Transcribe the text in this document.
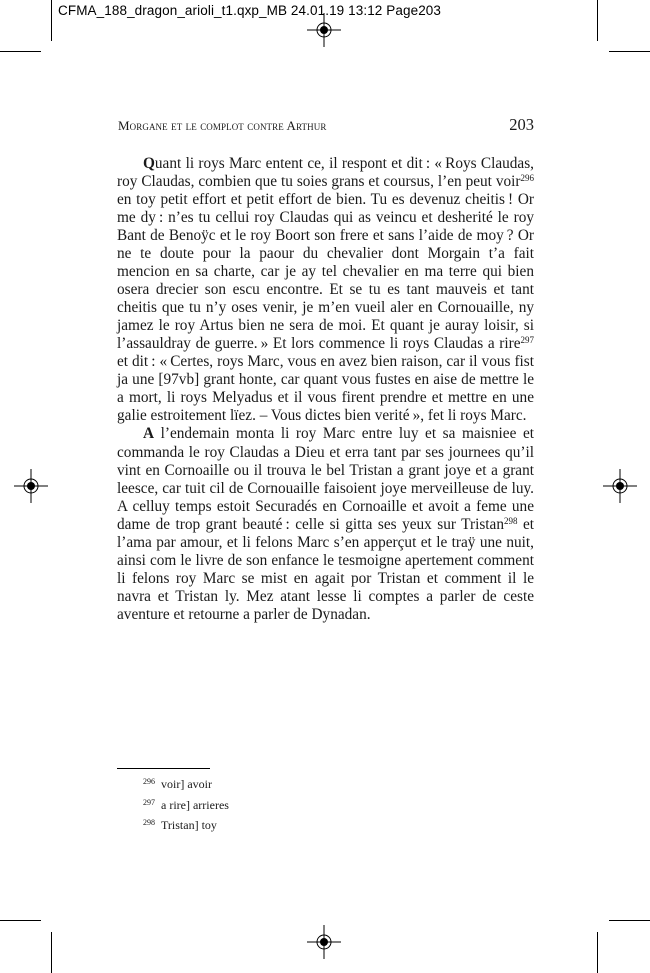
CFMA_188_dragon_arioli_t1.qxp_MB 24.01.19 13:12 Page203
Morgane et le complot contre Arthur	203

Quant li roys Marc entent ce, il respont et dit : « Roys Claudas, roy Claudas, combien que tu soies grans et coursus, l’en peut voir$^{296}$ en toy petit effort et petit effort de bien. Tu es devenuz cheitis ! Or me dy : n’es tu cellui roy Claudas qui as veincu et desherité le roy Bant de Benoÿc et le roy Boort son frere et sans l’aide de moy ? Or ne te doute pour la paour du chevalier dont Morgain t’a fait mencion en sa charte, car je ay tel chevalier en ma terre qui bien osera drecier son escu encontre. Et se tu es tant mauveis et tant cheitis que tu n’y oses venir, je m’en vueil aler en Cornouaille, ny jamez le roy Artus bien ne sera de moi. Et quant je auray loisir, si l’assauldray de guerre. » Et lors commence li roys Claudas a rire$^{297}$ et dit : « Certes, roys Marc, vous en avez bien raison, car il vous fist ja une [97vb] grant honte, car quant vous fustes en aise de mettre le a mort, li roys Melyadus et il vous firent prendre et mettre en une galie estroitement lïez. – Vous dictes bien verité », fet li roys Marc.

A l’endemain monta li roy Marc entre luy et sa maisniee et commanda le roy Claudas a Dieu et erra tant par ses journees qu’il vint en Cornoaille ou il trouva le bel Tristan a grant joye et a grant leesce, car tuit cil de Cornouaille faisoient joye merveilleuse de luy. A celluy temps estoit Securadés en Cornoaille et avoit a feme une dame de trop grant beauté : celle si gitta ses yeux sur Tristan$^{298}$ et l’ama par amour, et li felons Marc s’en apperçut et le traÿ une nuit, ainsi com le livre de son enfance le tesmoigne apertement comment li felons roy Marc se mist en agait por Tristan et comment il le navra et Tristan ly. Mez atant lesse li comptes a parler de ceste aventure et retourne a parler de Dynadan.

$^{296}$ voir] avoir
$^{297}$ a rire] arrieres
$^{298}$ Tristan] toy
